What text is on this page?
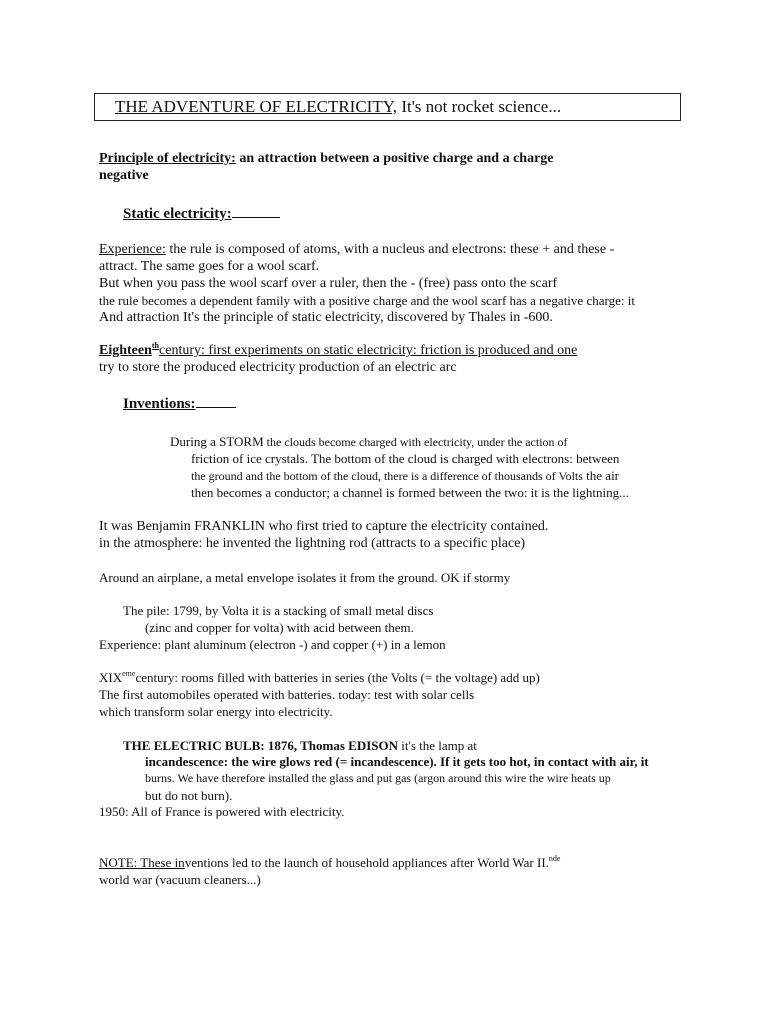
THE ADVENTURE OF ELECTRICITY, It's not rocket science...
Principle of electricity: an attraction between a positive charge and a charge
negative
Static electricity:
Experience: the rule is composed of atoms, with a nucleus and electrons: these + and these -
attract. The same goes for a wool scarf.
But when you pass the wool scarf over a ruler, then the - (free) pass onto the scarf
the rule becomes a dependent family with a positive charge and the wool scarf has a negative charge: it
And attraction It's the principle of static electricity, discovered by Thales in -600.
Eighteen$^{th}$century: first experiments on static electricity: friction is produced and one
try to store the produced electricity production of an electric arc
Inventions:
During a STORM the clouds become charged with electricity, under the action of
friction of ice crystals. The bottom of the cloud is charged with electrons: between
the ground and the bottom of the cloud, there is a difference of thousands of Volts the air
then becomes a conductor; a channel is formed between the two: it is the lightning...
It was Benjamin FRANKLIN who first tried to capture the electricity contained.
in the atmosphere: he invented the lightning rod (attracts to a specific place)
Around an airplane, a metal envelope isolates it from the ground. OK if stormy
The pile: 1799, by Volta it is a stacking of small metal discs
(zinc and copper for volta) with acid between them.
Experience: plant aluminum (electron -) and copper (+) in a lemon
XIXemecentury: rooms filled with batteries in series (the Volts (= the voltage) add up)
The first automobiles operated with batteries. today: test with solar cells
which transform solar energy into electricity.
THE ELECTRIC BULB: 1876, Thomas EDISON it's the lamp at
incandescence: the wire glows red (= incandescence). If it gets too hot, in contact with air, it
burns. We have therefore installed the glass and put gas (argon around this wire the wire heats up
but do not burn).
1950: All of France is powered with electricity.
NOTE: These inventions led to the launch of household appliances after World War II.$^{nde}$
world war (vacuum cleaners...)
